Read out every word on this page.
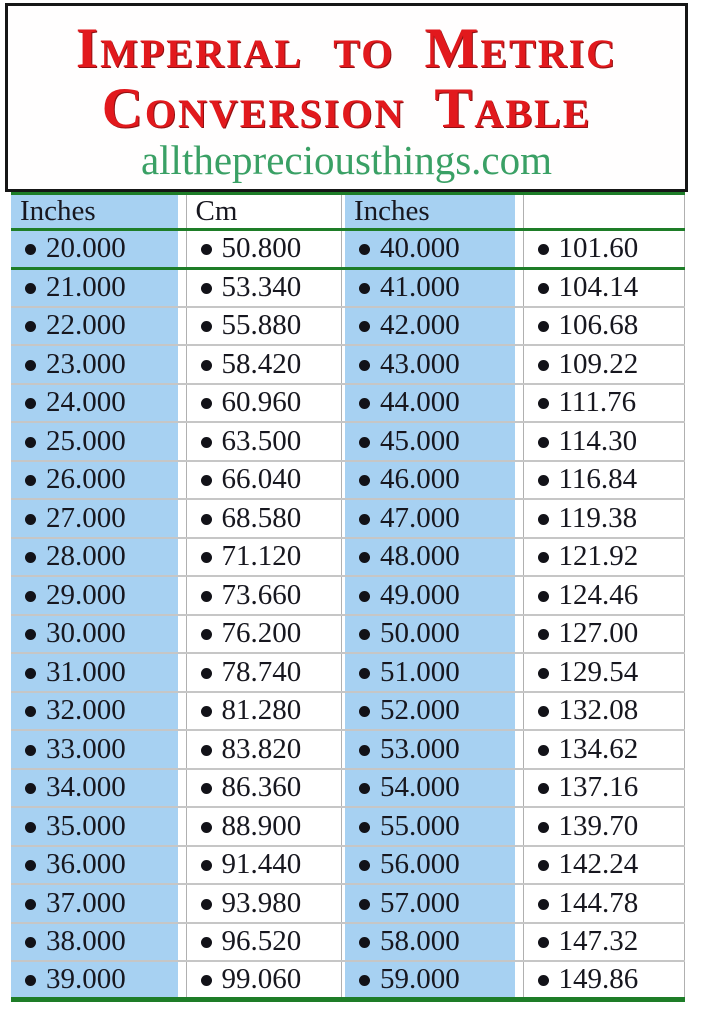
Imperial to Metric
Conversion Table
allthepreciousthings.com
Inches		Cm		Inches		
20.000		50.800		40.000		101.60
21.000		53.340		41.000		104.14
22.000		55.880		42.000		106.68
23.000		58.420		43.000		109.22
24.000		60.960		44.000		111.76
25.000		63.500		45.000		114.30
26.000		66.040		46.000		116.84
27.000		68.580		47.000		119.38
28.000		71.120		48.000		121.92
29.000		73.660		49.000		124.46
30.000		76.200		50.000		127.00
31.000		78.740		51.000		129.54
32.000		81.280		52.000		132.08
33.000		83.820		53.000		134.62
34.000		86.360		54.000		137.16
35.000		88.900		55.000		139.70
36.000		91.440		56.000		142.24
37.000		93.980		57.000		144.78
38.000		96.520		58.000		147.32
39.000		99.060		59.000		149.86
